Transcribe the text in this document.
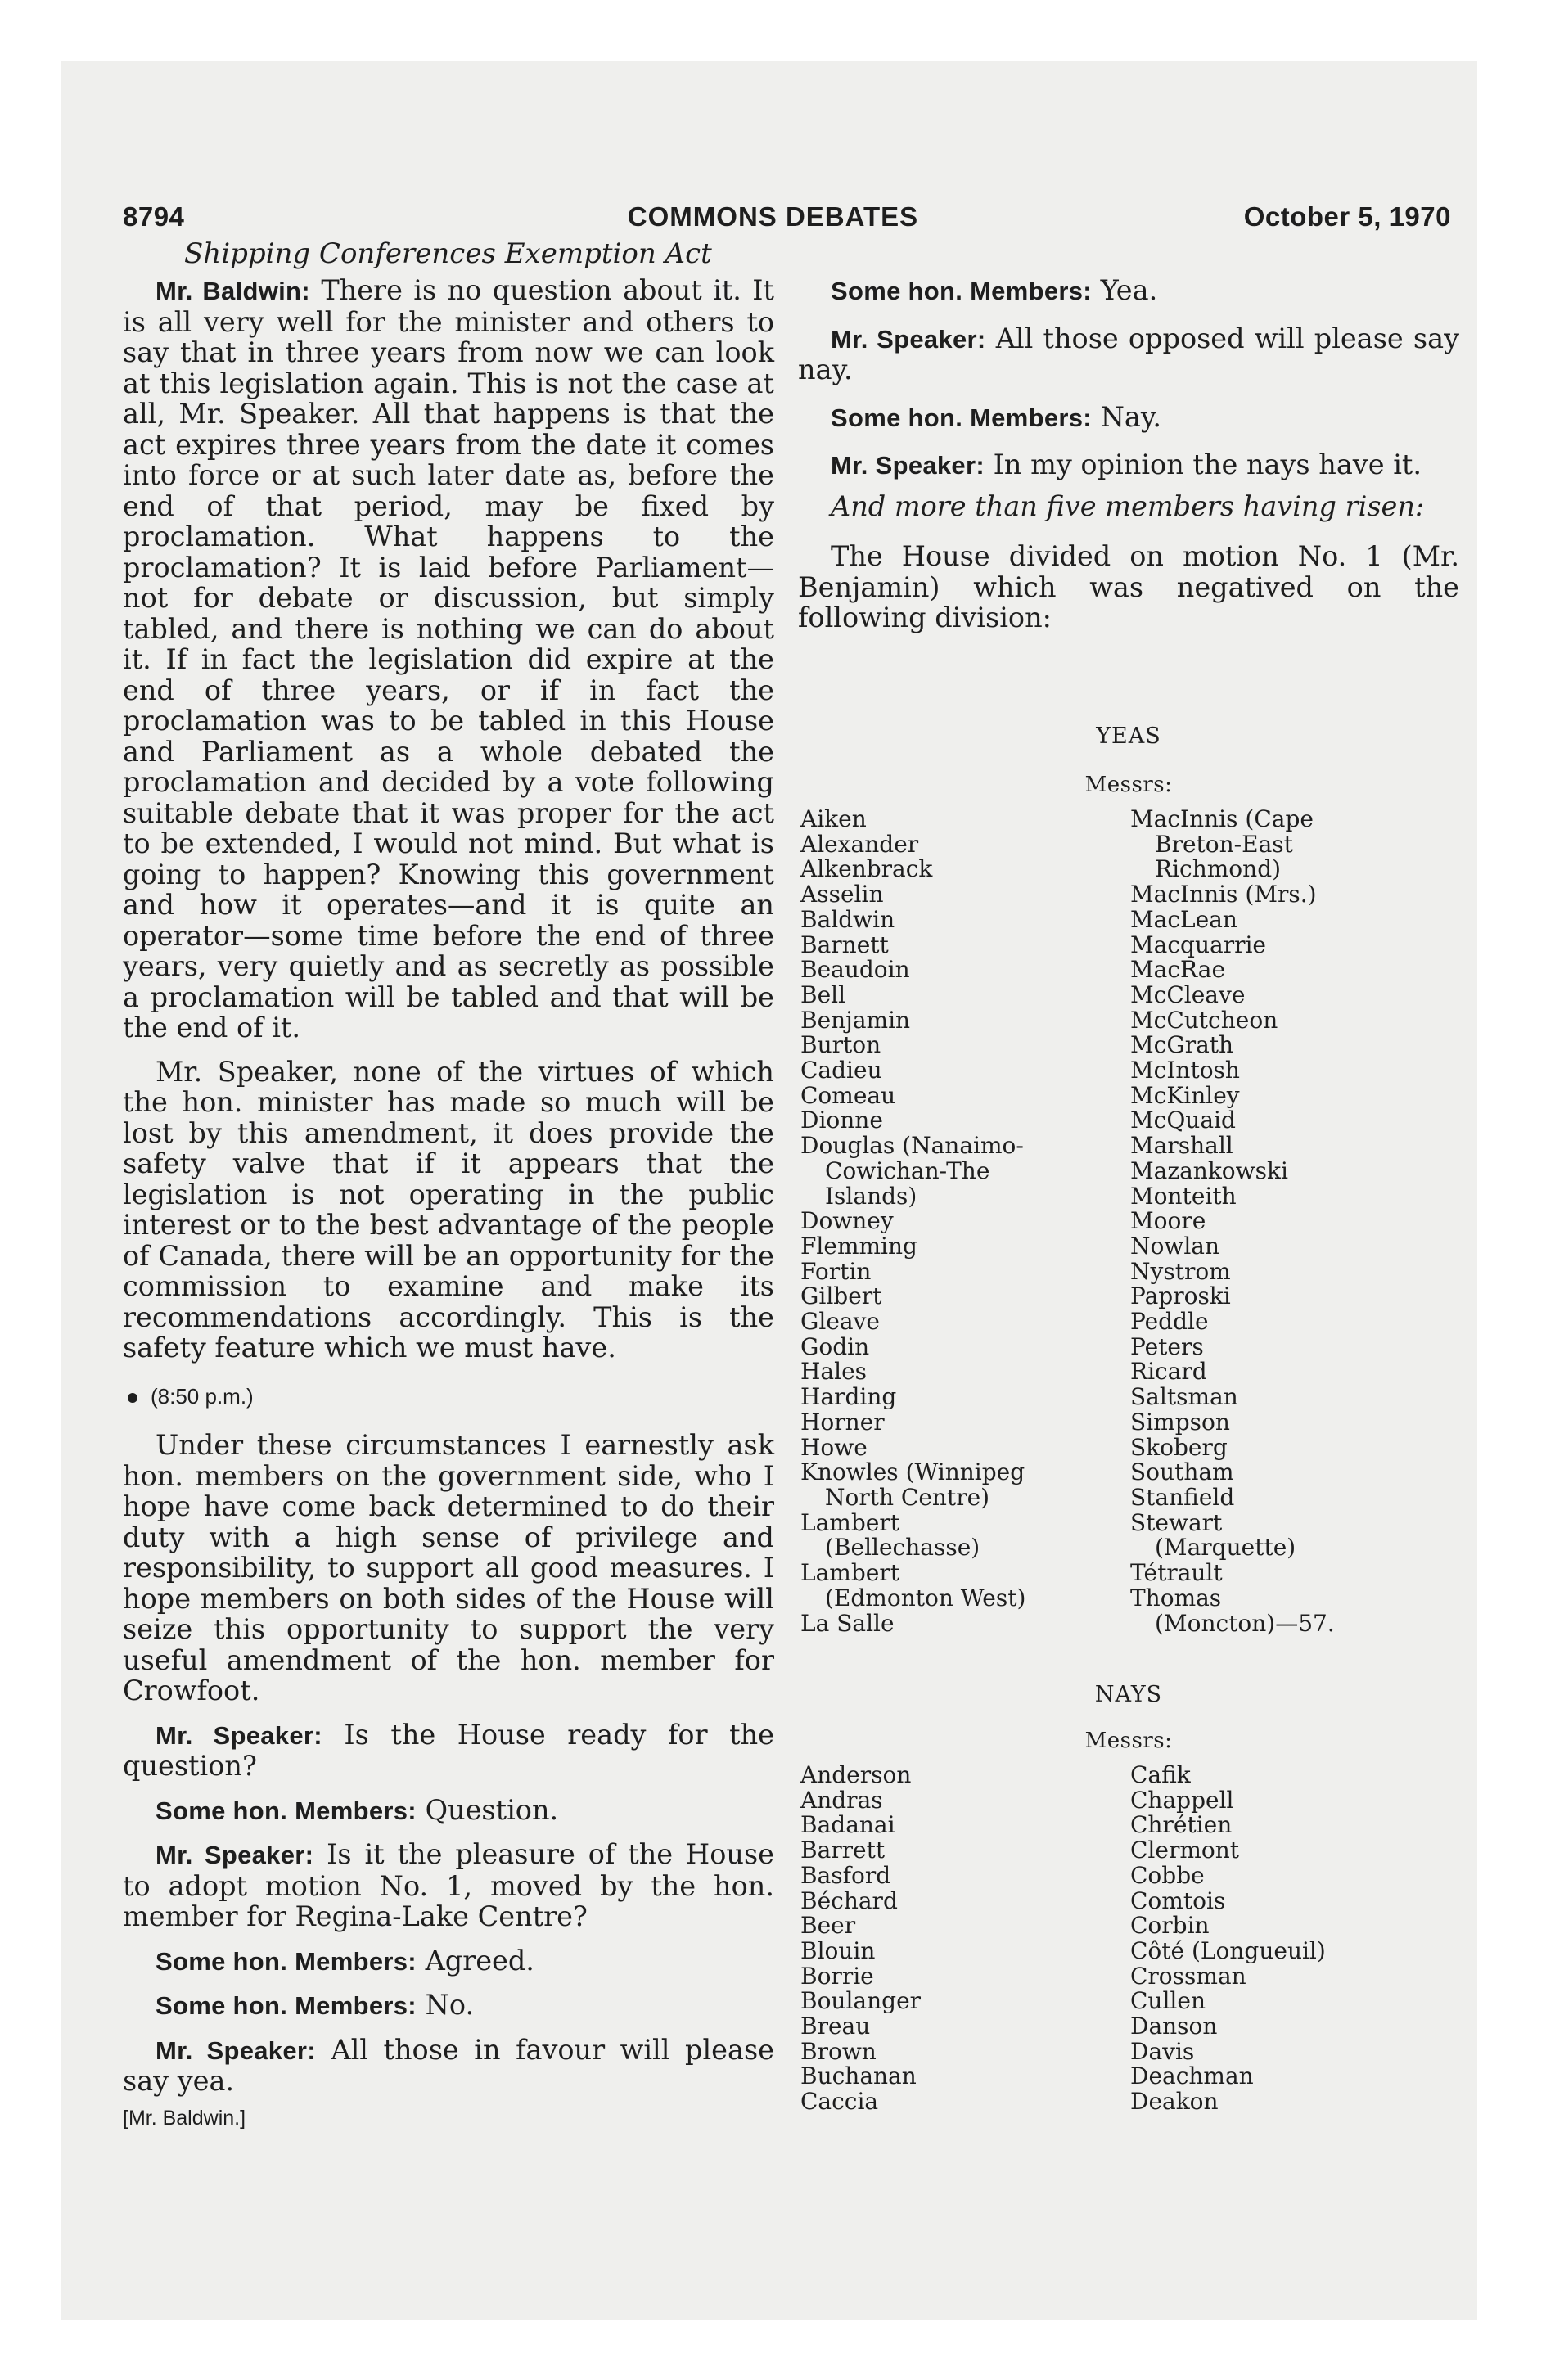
8794	COMMONS DEBATES	October 5, 1970
Shipping Conferences Exemption Act

Mr. Baldwin: There is no question about it. It is all very well for the minister and others to say that in three years from now we can look at this legislation again. This is not the case at all, Mr. Speaker. All that happens is that the act expires three years from the date it comes into force or at such later date as, before the end of that period, may be fixed by proclamation. What happens to the proclamation? It is laid before Parliament—not for debate or discussion, but simply tabled, and there is nothing we can do about it. If in fact the legislation did expire at the end of three years, or if in fact the proclamation was to be tabled in this House and Parliament as a whole debated the proclamation and decided by a vote following suitable debate that it was proper for the act to be extended, I would not mind. But what is going to happen? Knowing this government and how it operates—and it is quite an operator—some time before the end of three years, very quietly and as secretly as possible a proclamation will be tabled and that will be the end of it.

Mr. Speaker, none of the virtues of which the hon. minister has made so much will be lost by this amendment, it does provide the safety valve that if it appears that the legislation is not operating in the public interest or to the best advantage of the people of Canada, there will be an opportunity for the commission to examine and make its recommendations accordingly. This is the safety feature which we must have.

(8:50 p.m.)

Under these circumstances I earnestly ask hon. members on the government side, who I hope have come back determined to do their duty with a high sense of privilege and responsibility, to support all good measures. I hope members on both sides of the House will seize this opportunity to support the very useful amendment of the hon. member for Crowfoot.

Mr. Speaker: Is the House ready for the question?

Some hon. Members: Question.

Mr. Speaker: Is it the pleasure of the House to adopt motion No. 1, moved by the hon. member for Regina-Lake Centre?

Some hon. Members: Agreed.

Some hon. Members: No.

Mr. Speaker: All those in favour will please say yea.

[Mr. Baldwin.]

Some hon. Members: Yea.

Mr. Speaker: All those opposed will please say nay.

Some hon. Members: Nay.

Mr. Speaker: In my opinion the nays have it.

And more than five members having risen:

The House divided on motion No. 1 (Mr. Benjamin) which was negatived on the following division:

YEAS
Messrs:
Aiken
Alexander
Alkenbrack
Asselin
Baldwin
Barnett
Beaudoin
Bell
Benjamin
Burton
Cadieu
Comeau
Dionne
Douglas (Nanaimo-
Cowichan-The
Islands)
Downey
Flemming
Fortin
Gilbert
Gleave
Godin
Hales
Harding
Horner
Howe
Knowles (Winnipeg
North Centre)
Lambert
(Bellechasse)
Lambert
(Edmonton West)
La Salle
MacInnis (Cape
Breton-East
Richmond)
MacInnis (Mrs.)
MacLean
Macquarrie
MacRae
McCleave
McCutcheon
McGrath
McIntosh
McKinley
McQuaid
Marshall
Mazankowski
Monteith
Moore
Nowlan
Nystrom
Paproski
Peddle
Peters
Ricard
Saltsman
Simpson
Skoberg
Southam
Stanfield
Stewart
(Marquette)
Tétrault
Thomas
(Moncton)—57.
NAYS
Messrs:
Anderson
Andras
Badanai
Barrett
Basford
Béchard
Beer
Blouin
Borrie
Boulanger
Breau
Brown
Buchanan
Caccia
Cafik
Chappell
Chrétien
Clermont
Cobbe
Comtois
Corbin
Côté (Longueuil)
Crossman
Cullen
Danson
Davis
Deachman
Deakon
